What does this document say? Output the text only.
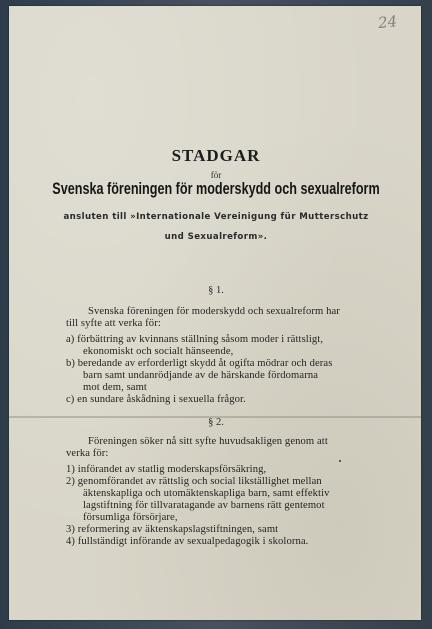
24
STADGAR
för
Svenska föreningen för moderskydd och sexualreform
ansluten till »Internationale Vereinigung für Mutterschutz
und Sexualreform».
§ 1.
Svenska föreningen för moderskydd och sexualreform har
till syfte att verka för:
a) förbättring av kvinnans ställning såsom moder i rättsligt,
ekonomiskt och socialt hänseende,
b) beredande av erforderligt skydd åt ogifta mödrar och deras
barn samt undanrödjande av de härskande fördomarna
mot dem, samt
c) en sundare åskådning i sexuella frågor.
§ 2.
Föreningen söker nå sitt syfte huvudsakligen genom att
verka för:
1) införandet av statlig moderskapsförsäkring,
2) genomförandet av rättslig och social likställighet mellan
äktenskapliga och utomäktenskapliga barn, samt effektiv
lagstiftning för tillvaratagande av barnens rätt gentemot
försumliga försörjare,
3) reformering av äktenskapslagstiftningen, samt
4) fullständigt införande av sexualpedagogik i skolorna.
